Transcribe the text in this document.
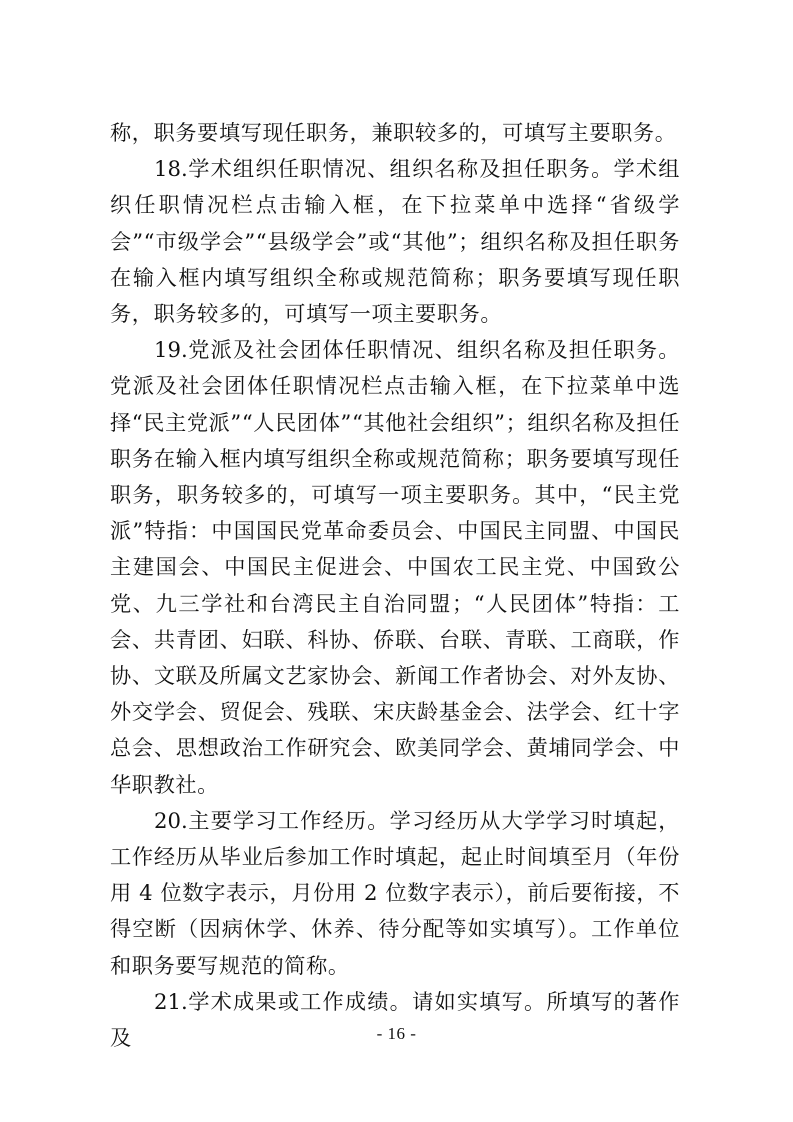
称，职务要填写现任职务，兼职较多的，可填写主要职务。

18.学术组织任职情况、组织名称及担任职务。学术组织任职情况栏点击输入框，在下拉菜单中选择“省级学会”“市级学会”“县级学会”或“其他”；组织名称及担任职务在输入框内填写组织全称或规范简称；职务要填写现任职务，职务较多的，可填写一项主要职务。

19.党派及社会团体任职情况、组织名称及担任职务。党派及社会团体任职情况栏点击输入框，在下拉菜单中选择“民主党派”“人民团体”“其他社会组织”；组织名称及担任职务在输入框内填写组织全称或规范简称；职务要填写现任职务，职务较多的，可填写一项主要职务。其中，“民主党派”特指：中国国民党革命委员会、中国民主同盟、中国民主建国会、中国民主促进会、中国农工民主党、中国致公党、九三学社和台湾民主自治同盟；“人民团体”特指：工会、共青团、妇联、科协、侨联、台联、青联、工商联，作协、文联及所属文艺家协会、新闻工作者协会、对外友协、外交学会、贸促会、残联、宋庆龄基金会、法学会、红十字总会、思想政治工作研究会、欧美同学会、黄埔同学会、中华职教社。

20.主要学习工作经历。学习经历从大学学习时填起，工作经历从毕业后参加工作时填起，起止时间填至月（年份用 4 位数字表示，月份用 2 位数字表示），前后要衔接，不得空断（因病休学、休养、待分配等如实填写）。工作单位和职务要写规范的简称。

21.学术成果或工作成绩。请如实填写。所填写的著作及	- 16 -
